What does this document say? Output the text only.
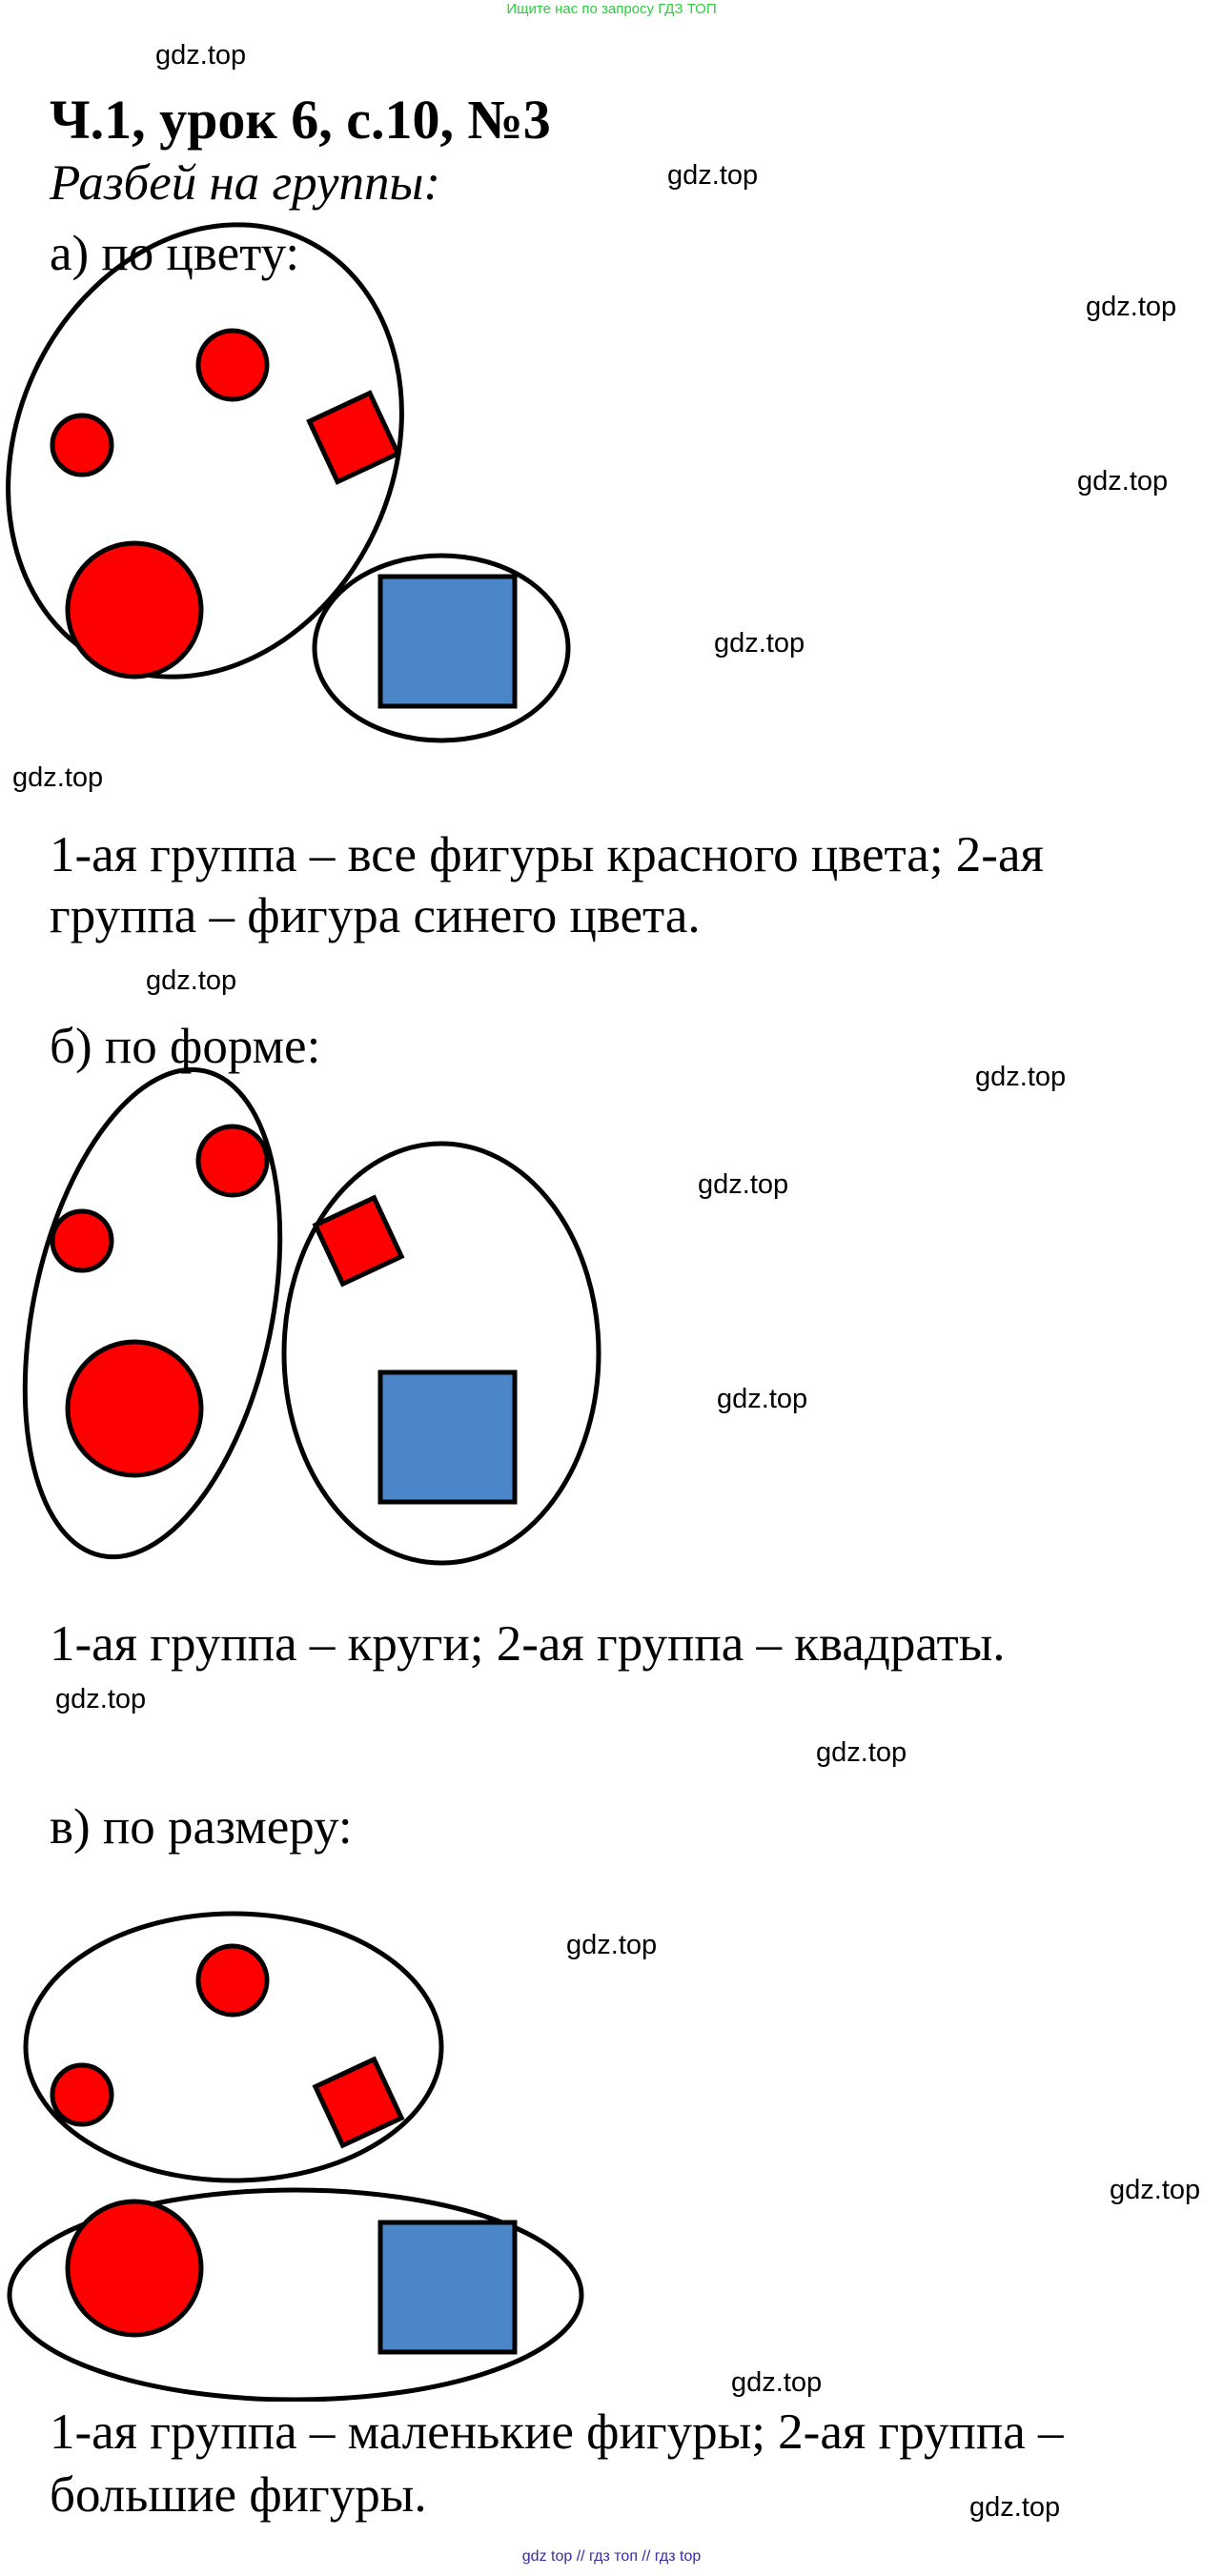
Ищите нас по запросу ГДЗ ТОП
gdz.top
gdz.top
gdz.top
gdz.top
gdz.top
gdz.top
gdz.top
gdz.top
gdz.top
gdz.top
gdz.top
gdz.top
gdz.top
gdz.top
gdz.top
gdz.top
Ч.1, урок 6, с.10, №3
Разбей на группы:
а) по цвету:
1-ая группа – все фигуры красного цвета; 2-ая
группа – фигура синего цвета.
б) по форме:
1-ая группа – круги; 2-ая группа – квадраты.
в) по размеру:
1-ая группа – маленькие фигуры; 2-ая группа –
большие фигуры.
gdz top // гдз топ // гдз top
